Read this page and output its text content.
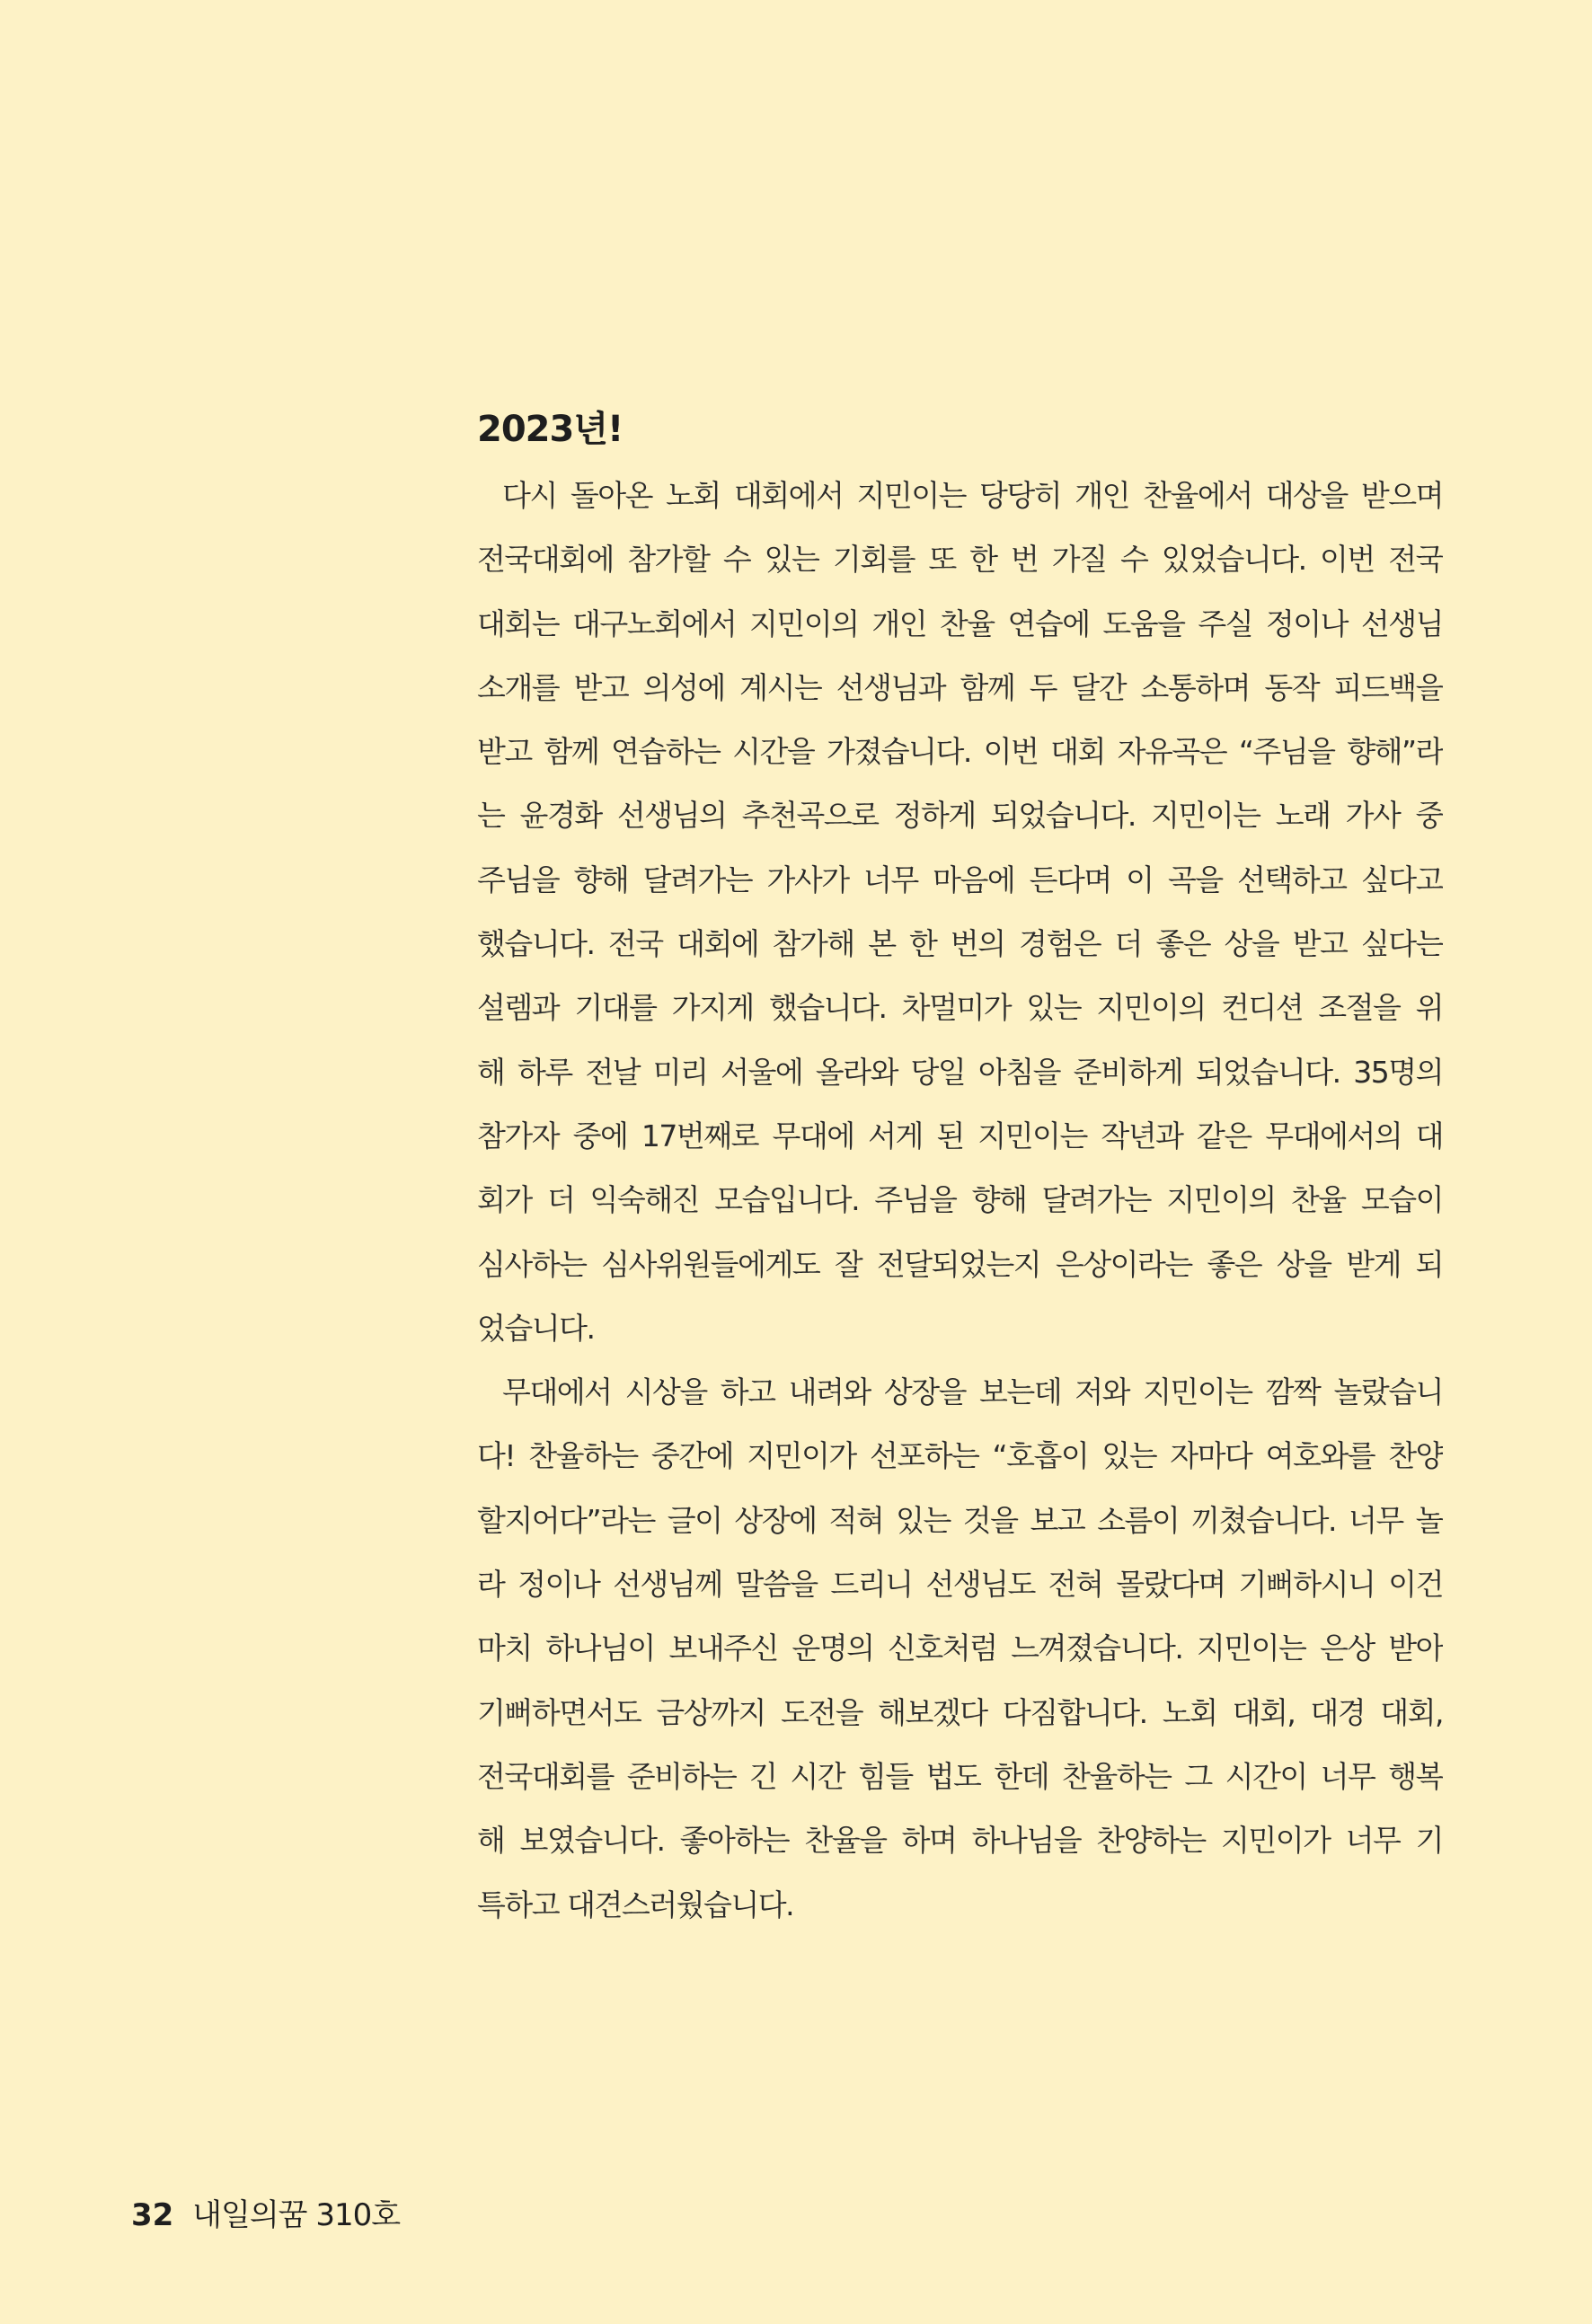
2023년!
다시 돌아온 노회 대회에서 지민이는 당당히 개인 찬율에서 대상을 받으며
전국대회에 참가할 수 있는 기회를 또 한 번 가질 수 있었습니다. 이번 전국
대회는 대구노회에서 지민이의 개인 찬율 연습에 도움을 주실 정이나 선생님
소개를 받고 의성에 계시는 선생님과 함께 두 달간 소통하며 동작 피드백을
받고 함께 연습하는 시간을 가졌습니다. 이번 대회 자유곡은 “주님을 향해”라
는 윤경화 선생님의 추천곡으로 정하게 되었습니다. 지민이는 노래 가사 중
주님을 향해 달려가는 가사가 너무 마음에 든다며 이 곡을 선택하고 싶다고
했습니다. 전국 대회에 참가해 본 한 번의 경험은 더 좋은 상을 받고 싶다는
설렘과 기대를 가지게 했습니다. 차멀미가 있는 지민이의 컨디션 조절을 위
해 하루 전날 미리 서울에 올라와 당일 아침을 준비하게 되었습니다. 35명의
참가자 중에 17번째로 무대에 서게 된 지민이는 작년과 같은 무대에서의 대
회가 더 익숙해진 모습입니다. 주님을 향해 달려가는 지민이의 찬율 모습이
심사하는 심사위원들에게도 잘 전달되었는지 은상이라는 좋은 상을 받게 되
었습니다.
무대에서 시상을 하고 내려와 상장을 보는데 저와 지민이는 깜짝 놀랐습니
다! 찬율하는 중간에 지민이가 선포하는 “호흡이 있는 자마다 여호와를 찬양
할지어다”라는 글이 상장에 적혀 있는 것을 보고 소름이 끼쳤습니다. 너무 놀
라 정이나 선생님께 말씀을 드리니 선생님도 전혀 몰랐다며 기뻐하시니 이건
마치 하나님이 보내주신 운명의 신호처럼 느껴졌습니다. 지민이는 은상 받아
기뻐하면서도 금상까지 도전을 해보겠다 다짐합니다. 노회 대회, 대경 대회,
전국대회를 준비하는 긴 시간 힘들 법도 한데 찬율하는 그 시간이 너무 행복
해 보였습니다. 좋아하는 찬율을 하며 하나님을 찬양하는 지민이가 너무 기
특하고 대견스러웠습니다.
32 내일의꿈 310호
